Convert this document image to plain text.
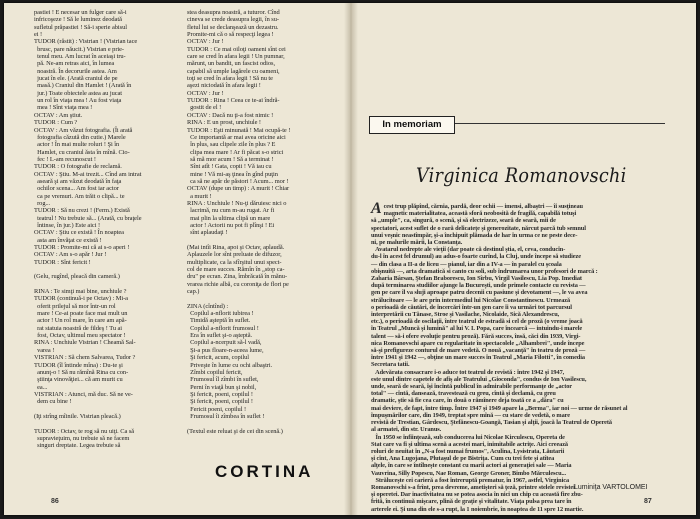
pastiei ! E necesar un fulger care să-i
infricoşeze ! Să le luminez deodată
sufletul prăpastiei ! Să-i sperie abisul
ei !
TUDOR (răstit) : Vistrian ! (Vistrian tace
brusc, pare năucit.) Vistrian e prie-
tenul meu. Am lucrat în aceiaşi tru-
pă. Ne-am retras aici, în lumea
noastră. În decorurile astea. Am
jucat în ele. (Arată craniul de pe
masă.) Craniul din Hamlet ! (Arată în
jur.) Toate obiectele astea au jucat
un rol în viaţa mea ! Au fost viaţa
mea ! Sînt viaţa mea !
OCTAV : Am ştiut.
TUDOR : Cum ?
OCTAV : Am văzut fotografia. (Îi arată
fotografia căzută din cutie.) Marele
actor ! În mai multe roluri ! Şi în
Hamlet, cu craniul ăsta în mînă. Cio-
fec ! L-am recunoscut !
TUDOR : O fotografie de reclamă.
OCTAV : Ştiu. M-ai trezit... Cînd am intrat
aseară şi am văzut deodată în faţa
ochilor scena... Am fost iar actor
ca pe vremuri. Am trăit o clipă... te
rog...
TUDOR : Să nu crezi ! (Ferm.) Există
teatrul ! Nu trebuie să... (Arată, cu braţele
întinse, în jur.) Este aici !
OCTAV : Ştiu ce există ! În noaptea
asta am învăţat ce există !
TUDOR : Promite-mi că ai s-o aperi !
OCTAV : Am s-o apăr ! Jur !
TUDOR : Sînt fericit !

(Gelu, rugînd, pleacă din cameră.)

RINA : Te simţi mai bine, unchiule ?
TUDOR (continuă-i pe Octav) : Mi-a
oferit prilejul să mor într-un rol
mare ! Ce-ai poate face mai mult un
actor ! Un rol mare, în care am apă-
rat statuia noastră de fildeş ! Tu ai
fost, Octav, ultimul meu spectator !
RINA : Unchiule Vistrian ! Cheamă Sal-
varea !
VISTRIAN : Să chem Salvarea, Tudor ?
TUDOR (îl întinde mîna) : Du-te şi
anunţ-o ! Să nu rămînă Rina cu con-
ştiinţa vinovăţiei... că am murit cu
ea...
VISTRIAN : Atunci, mă duc. Să ne ve-
dem cu bine !

(Iţi strîng mîinile. Vistrian pleacă.)

TUDOR : Octav, te rog să nu uiţi. Ca să
supravieţuim, nu trebuie să ne facem
singuri dreptate. Legea trebuie să
stea deasupra noastră, a tuturor. Cînd
cineva se crede deasupra legii, în su-
fletul lui se declanşează un dezastru.
Promite-mi că o să respecţi legea !
OCTAV : Jur !
TUDOR : Ce mai oiloţi oameni sînt cei
care se cred în afara legii ! Un pumnar,
mărunt, un bandit, un fascist odios,
capabil să umple lagărele cu oameni,
toţi se cred în afara legii ! Să nu te
aşezi niciodată în afara legii !
OCTAV : Jur !
TUDOR : Rina ! Ceea ce te-ai îndră-
gostit de el !
OCTAV : Dacă nu ţi-a fost nimic !
RINA : E un prost, unchiule !
TUDOR : Eşti minunată ! Mai ocupă-te !
Ce importantă ar mai avea oricine aici
în plus, sau clipele zile în plus ? E
clipa mea mare ! Ar fi păcat s-o strici
să mă mor acum ! Să a terminat !
Sînt atît ! Gata, copii ! Vă iau cu
mine ! Vă mi-aş ţinea în gînd puţin
ca să ne apăr de păstori ! Acum... mor !
OCTAV (dupe un timp) : A murit ! Chiar
a murit !
RINA : Unchiule ! Nu-ţi dăruiesc nici o
lacrimă, nu cum m-au rugat. Ar fi
mai plin la ultima clipă un mare
actor ! Actorii nu pot fi plînşi ! Ei
sînt aplaudaţi !

(Mai intîi Rina, apoi şi Octav, aplaudă.
Aplauzele lor sînt preluate de difuzor,
multiplicate, ca la sfîrşitul unui spect-
col de mare succes. Rămîn în „stop ca-
dru" pe ecran. Zina, îmbrăcată în mănu-
vrarea richie albă, cu coroniţa de flori pe
cap.)

ZINA (cîntînd) :
Copilul a-nflorit iubirea !
Timidă aşteptă în suflet.
Copilul a-nflorit frumosul !
Era în suflet şi-o aşteptă.
Copilul a-ncerpuit să-l vadă,
Şi-a pus floare-n-aceea lume,
Şi fericit, acum, copilul
Priveşte în lume cu ochi albaştri.
Zîmbi copilul fericit,
Frumosul îl zîmbi în suflet,
Perni în viaţă bun şi nobil,
Şi fericit, poeni, copilul !
Şi fericit, poeni, copilul !
Fericit poeni, copilul !
Frumosul îi zîmbea în suflet !

(Textul este reluat şi de cei din scenă.)
CORTINA
86
In memoriam
Virginica Romanovschi
Acest trup plăpînd, cărnia, pardă, deor ochii — imensi, albaştri — îi susţineau
magnetic materialitatea, această sforă neobosită de fragilă, capabilă totuşi
să „umple", ca, singură, o scenă, şi să electrizeze, seară de seară, mii de
spectatori, acest suflet de o rară delicateţe şi generozitate, nărcut parcă tub semnul
unui veşnic neastîmpăr, şi-a închipuit plămada de har în urma ce ne peste dece-
ni, pe malurile mării, la Constanţa.
Avatarul nedrepte ale vieţii (dar poate că destinul ştia, el, ceva, conducîn-
du-l în acest fel drumul) au adus-o foarte curînd, la Cluj, unde începe să studieze
— din clasa a II-a de liceu — pianul, iar din a IV-a — în paralel cu şcoala
obişnuită —, arta dramatică si canto cu soli, sub îndrumarea unor profesori de marcă :
Zaharia Bârsan, Ştefan Braborescu, Ion Sîrbu, Virgil Vasilescu, Lia Pop. Imediat
după terminarea studiilor ajunge la Bucureşti, unde primele contacte cu revista —
gen pe care îl va sluji aproape patru decenii cu pasiune şi devotament —, le va avea
strălucitoare — le are prin intermediul lui Nicolae Constantinescu. Urmează
o perioadă de căutări, de încercări într-un gen care îi va urmări tot parcursul
interpretării cu Tănase, Stroe şi Vasilache, Nicolaide, Sică Alexandrescu,
etc.), o perioadă de oscilaţii, între teatrul de estradă si cel de proză (o vreme joacă
în Teatrul „Muncă şi lumină" al lui V. I. Popa, care încearcă — intuindu-i marele
talent — să-i ofere evoluţie pentru proză). Fără succes, însă, căci din 1939, Virgi-
nica Romanovschi apare cu regularitate în spectacolele „Alhambrei", unde începe
să-şi prefigureze conturul de mare vedetă. O nouă „vacanţă" în teatru de proză —
între 1941 şi 1942 —, obţine un mare succes în Teatrul „Maria Filotti", în comedia
Secretara tatii.
Adevărata consacrare i-o aduce tot teatrul de revistă : între 1942 şi 1947,
este unul dintre capetele de afiş ale Teatrului „Gioconda", condus de Ion Vasilescu,
unde, seară de seară, îşi încîntă publicul în admirabile performanţe de „actor
total" — cîntă, dansează, travestează cu greu, cîntă şi declamă, cu greu
dramatic, ştie să fie cea care, în două o rămînere deja toată ce a „dâra" cu
mai deviere, de fapt, între timp. Între 1947 şi 1949 apare la „Berma", iar noi — urme de răsunet al
împuşmărilor care, din 1949, treptat spre mînă — cu stare de vedetă, o mare
revistă de Trestian, Gârdescu, Ştefănescu-Goangă, Tasian şi alţii, joacă la Teatrul de Operetă
al armatei, din str. Uranus.
În 1950 se înfiinţează, sub conducerea lui Nicolae Kirculescu, Opereta de
Stat care va fi şi ultima scenă a acestei mari, inimitabile actriţe. Aici creează
roluri de neuitat în „N-a fost numai frumos", Aculina, Lysistrata, Lăutarii
şi cînt, Ana Lugojana, Plutaşul de pe Bistriţa. Cum cu trei fete şi atîtea
alţele, în care se întîlneşte constant cu marii actori ai generaţiei sale — Maria
Vauvrina, Silly Popescu, Nae Roman, George Groner, Bimbo Mărculescu...
Străluceşte cei carieră a fost întreruptă prematur, în 1967, astfel, Virginica
Romanovschi s-a frînt, prea devreme, ametişteri să ţeză, printre stelele revistei
şi operetei. Dar inactivitatea nu se potea asocia în nici un chip cu această fire zbu-
frită, în continuă mişcare, plină de graţie şi vitalitate. Viaţa pulsa prea tare în
arterele ei. Şi una din ele s-a rupt, la 1 noiembrie, în noaptea de 11 spre 12 martie.
Luminiţa VARTOLOMEI
87
